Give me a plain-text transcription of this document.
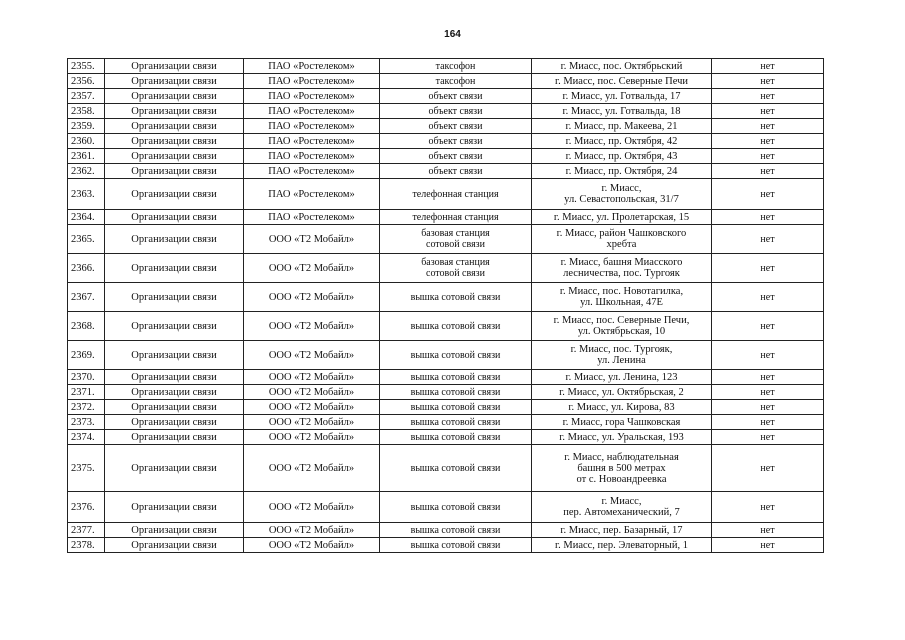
164
2355.	Организации связи	ПАО «Ростелеком»	таксофон	г. Миасс, пос. Октябрьский	нет
2356.	Организации связи	ПАО «Ростелеком»	таксофон	г. Миасс, пос. Северные Печи	нет
2357.	Организации связи	ПАО «Ростелеком»	объект связи	г. Миасс, ул. Готвальда, 17	нет
2358.	Организации связи	ПАО «Ростелеком»	объект связи	г. Миасс, ул. Готвальда, 18	нет
2359.	Организации связи	ПАО «Ростелеком»	объект связи	г. Миасс, пр. Макеева, 21	нет
2360.	Организации связи	ПАО «Ростелеком»	объект связи	г. Миасс, пр. Октября, 42	нет
2361.	Организации связи	ПАО «Ростелеком»	объект связи	г. Миасс, пр. Октября, 43	нет
2362.	Организации связи	ПАО «Ростелеком»	объект связи	г. Миасс, пр. Октября, 24	нет
2363.	Организации связи	ПАО «Ростелеком»	телефонная станция	г. Миасс,
ул. Севастопольская, 31/7	нет
2364.	Организации связи	ПАО «Ростелеком»	телефонная станция	г. Миасс, ул. Пролетарская, 15	нет
2365.	Организации связи	ООО «Т2 Мобайл»	базовая станция
сотовой связи	г. Миасс, район Чашковского
хребта	нет
2366.	Организации связи	ООО «Т2 Мобайл»	базовая станция
сотовой связи	г. Миасс, башня Миасского
лесничества, пос. Тургояк	нет
2367.	Организации связи	ООО «Т2 Мобайл»	вышка сотовой связи	г. Миасс, пос. Новотагилка,
ул. Школьная, 47Е	нет
2368.	Организации связи	ООО «Т2 Мобайл»	вышка сотовой связи	г. Миасс, пос. Северные Печи,
ул. Октябрьская, 10	нет
2369.	Организации связи	ООО «Т2 Мобайл»	вышка сотовой связи	г. Миасс, пос. Тургояк,
ул. Ленина	нет
2370.	Организации связи	ООО «Т2 Мобайл»	вышка сотовой связи	г. Миасс, ул. Ленина, 123	нет
2371.	Организации связи	ООО «Т2 Мобайл»	вышка сотовой связи	г. Миасс, ул. Октябрьская, 2	нет
2372.	Организации связи	ООО «Т2 Мобайл»	вышка сотовой связи	г. Миасс, ул. Кирова, 83	нет
2373.	Организации связи	ООО «Т2 Мобайл»	вышка сотовой связи	г. Миасс, гора Чашковская	нет
2374.	Организации связи	ООО «Т2 Мобайл»	вышка сотовой связи	г. Миасс, ул. Уральская, 193	нет
2375.	Организации связи	ООО «Т2 Мобайл»	вышка сотовой связи	г. Миасс, наблюдательная
башня в 500 метрах
от с. Новоандреевка	нет
2376.	Организации связи	ООО «Т2 Мобайл»	вышка сотовой связи	г. Миасс,
пер. Автомеханический, 7	нет
2377.	Организации связи	ООО «Т2 Мобайл»	вышка сотовой связи	г. Миасс, пер. Базарный, 17	нет
2378.	Организации связи	ООО «Т2 Мобайл»	вышка сотовой связи	г. Миасс, пер. Элеваторный, 1	нет
